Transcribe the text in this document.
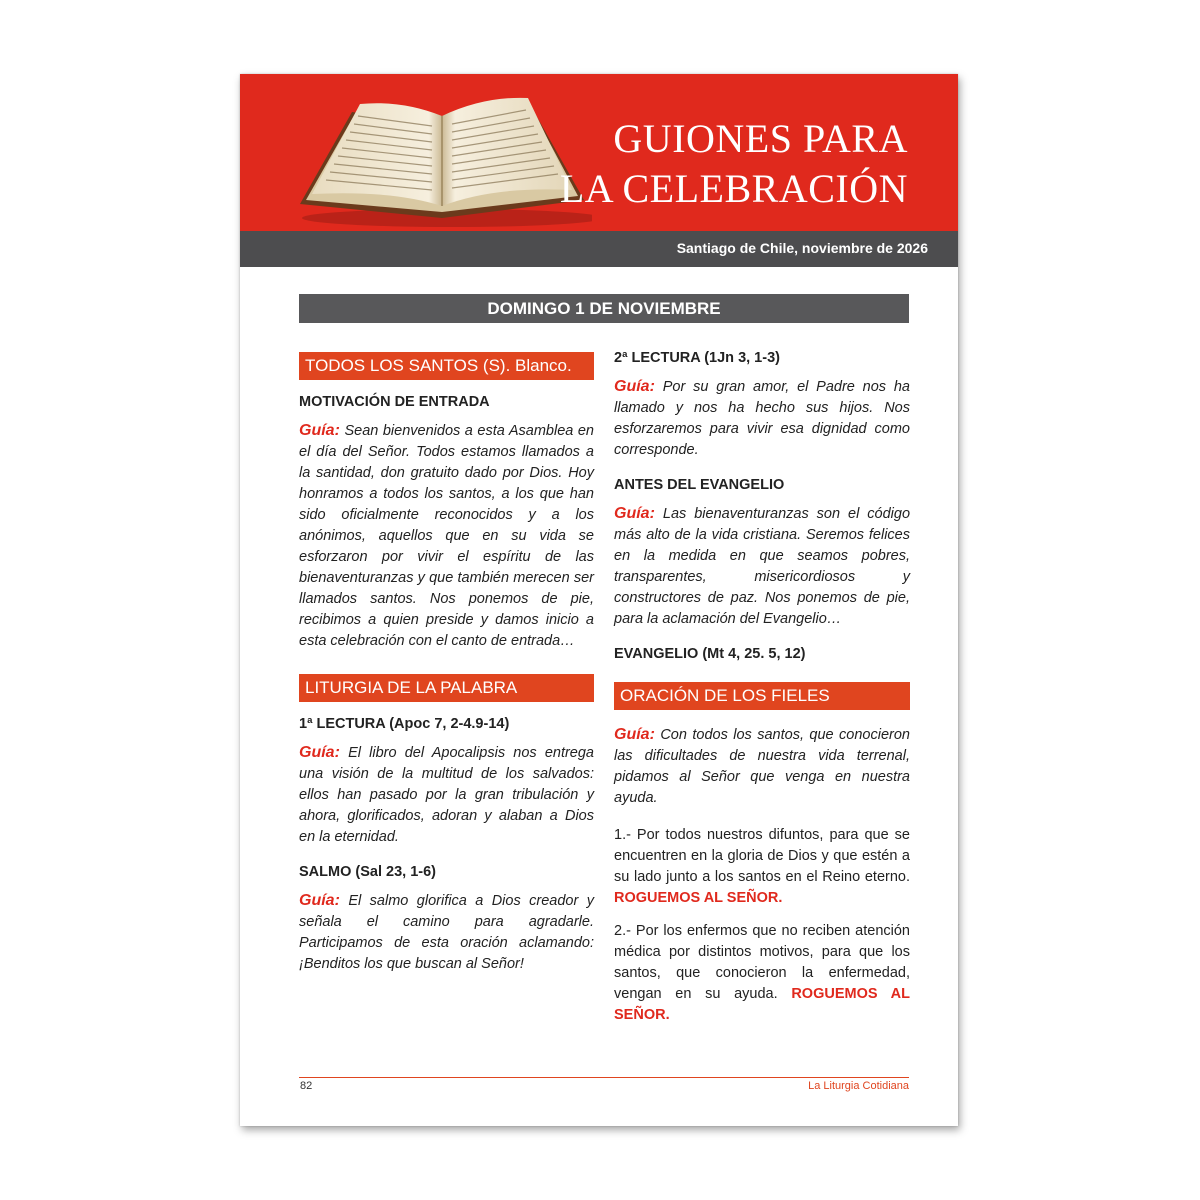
GUIONES PARA
LA CELEBRACIÓN
Santiago de Chile, noviembre de 2026
DOMINGO 1 DE NOVIEMBRE
TODOS LOS SANTOS (S). Blanco.
MOTIVACIÓN DE ENTRADA
Guía: Sean bienvenidos a esta Asamblea en el día del Señor. Todos estamos llamados a la santidad, don gratuito dado por Dios. Hoy honramos a todos los santos, a los que han sido oficialmente reconocidos y a los anónimos, aquellos que en su vida se esforzaron por vivir el espíritu de las bienaventuranzas y que también merecen ser llamados santos. Nos ponemos de pie, recibimos a quien preside y damos inicio a esta celebración con el canto de entrada…
LITURGIA DE LA PALABRA
1ª LECTURA (Apoc 7, 2-4.9-14)
Guía: El libro del Apocalipsis nos entrega una visión de la multitud de los salvados: ellos han pasado por la gran tribulación y ahora, glorificados, adoran y alaban a Dios en la eternidad.
SALMO (Sal 23, 1-6)
Guía: El salmo glorifica a Dios creador y señala el camino para agradarle. Participamos de esta oración aclamando: ¡Benditos los que buscan al Señor!
2ª LECTURA (1Jn 3, 1-3)
Guía: Por su gran amor, el Padre nos ha llamado y nos ha hecho sus hijos. Nos esforzaremos para vivir esa dignidad como corresponde.
ANTES DEL EVANGELIO
Guía: Las bienaventuranzas son el código más alto de la vida cristiana. Seremos felices en la medida en que seamos pobres, transparentes, misericordiosos y constructores de paz. Nos ponemos de pie, para la aclamación del Evangelio…
EVANGELIO (Mt 4, 25. 5, 12)
ORACIÓN DE LOS FIELES
Guía: Con todos los santos, que conocieron las dificultades de nuestra vida terrenal, pidamos al Señor que venga en nuestra ayuda.
1.- Por todos nuestros difuntos, para que se encuentren en la gloria de Dios y que estén a su lado junto a los santos en el Reino eterno. ROGUEMOS AL SEÑOR.
2.- Por los enfermos que no reciben atención médica por distintos motivos, para que los santos, que conocieron la enfermedad, vengan en su ayuda. ROGUEMOS AL SEÑOR.
82	La Liturgia Cotidiana
